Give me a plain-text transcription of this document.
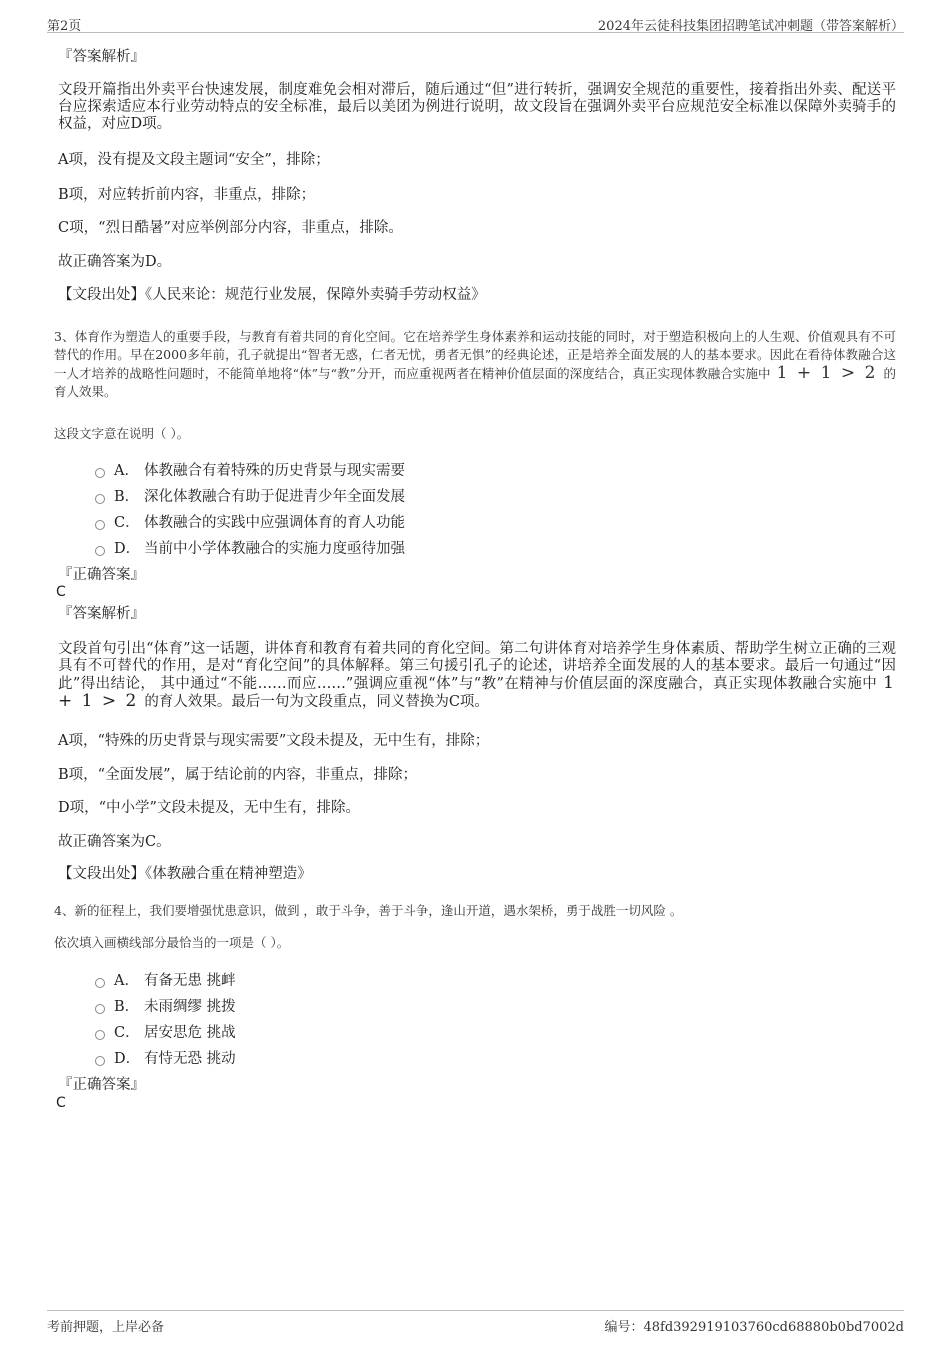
第2页	2024年云徒科技集团招聘笔试冲刺题（带答案解析）
『答案解析』
文段开篇指出外卖平台快速发展，制度难免会相对滞后，随后通过“但”进行转折，强调安全规范的重要性，接着指出外卖、配送平台应探索适应本行业劳动特点的安全标准，最后以美团为例进行说明，故文段旨在强调外卖平台应规范安全标准以保障外卖骑手的权益，对应D项。
A项，没有提及文段主题词“安全”，排除；
B项，对应转折前内容，非重点，排除；
C项，“烈日酷暑”对应举例部分内容，非重点，排除。
故正确答案为D。
【文段出处】《人民来论：规范行业发展，保障外卖骑手劳动权益》
3、体育作为塑造人的重要手段，与教育有着共同的育化空间。它在培养学生身体素养和运动技能的同时，对于塑造积极向上的人生观、价值观具有不可替代的作用。早在2000多年前，孔子就提出“智者无惑，仁者无忧，勇者无惧”的经典论述，正是培养全面发展的人的基本要求。因此在看待体教融合这一人才培养的战略性问题时，不能简单地将“体”与“教”分开，而应重视两者在精神价值层面的深度结合，真正实现体教融合实施中 1 + 1 > 2 的育人效果。
这段文字意在说明（ ）。
A． 体教融合有着特殊的历史背景与现实需要
B． 深化体教融合有助于促进青少年全面发展
C． 体教融合的实践中应强调体育的育人功能
D． 当前中小学体教融合的实施力度亟待加强
『正确答案』
C
『答案解析』
文段首句引出“体育”这一话题，讲体育和教育有着共同的育化空间。第二句讲体育对培养学生身体素质、帮助学生树立正确的三观具有不可替代的作用，是对“育化空间”的具体解释。第三句援引孔子的论述，讲培养全面发展的人的基本要求。最后一句通过“因此”得出结论， 其中通过“不能……而应……”强调应重视“体”与“教”在精神与价值层面的深度融合，真正实现体教融合实施中 1 + 1 > 2 的育人效果。最后一句为文段重点，同义替换为C项。
A项，“特殊的历史背景与现实需要”文段未提及，无中生有，排除；
B项，“全面发展”，属于结论前的内容，非重点，排除；
D项，“中小学”文段未提及，无中生有，排除。
故正确答案为C。
【文段出处】《体教融合重在精神塑造》
4、新的征程上，我们要增强忧患意识，做到 ，敢于斗争，善于斗争，逢山开道，遇水架桥，勇于战胜一切风险 。
依次填入画横线部分最恰当的一项是（ ）。
A． 有备无患 挑衅
B． 未雨绸缪 挑拨
C． 居安思危 挑战
D． 有恃无恐 挑动
『正确答案』
C
考前押题，上岸必备	编号：48fd392919103760cd68880b0bd7002d
